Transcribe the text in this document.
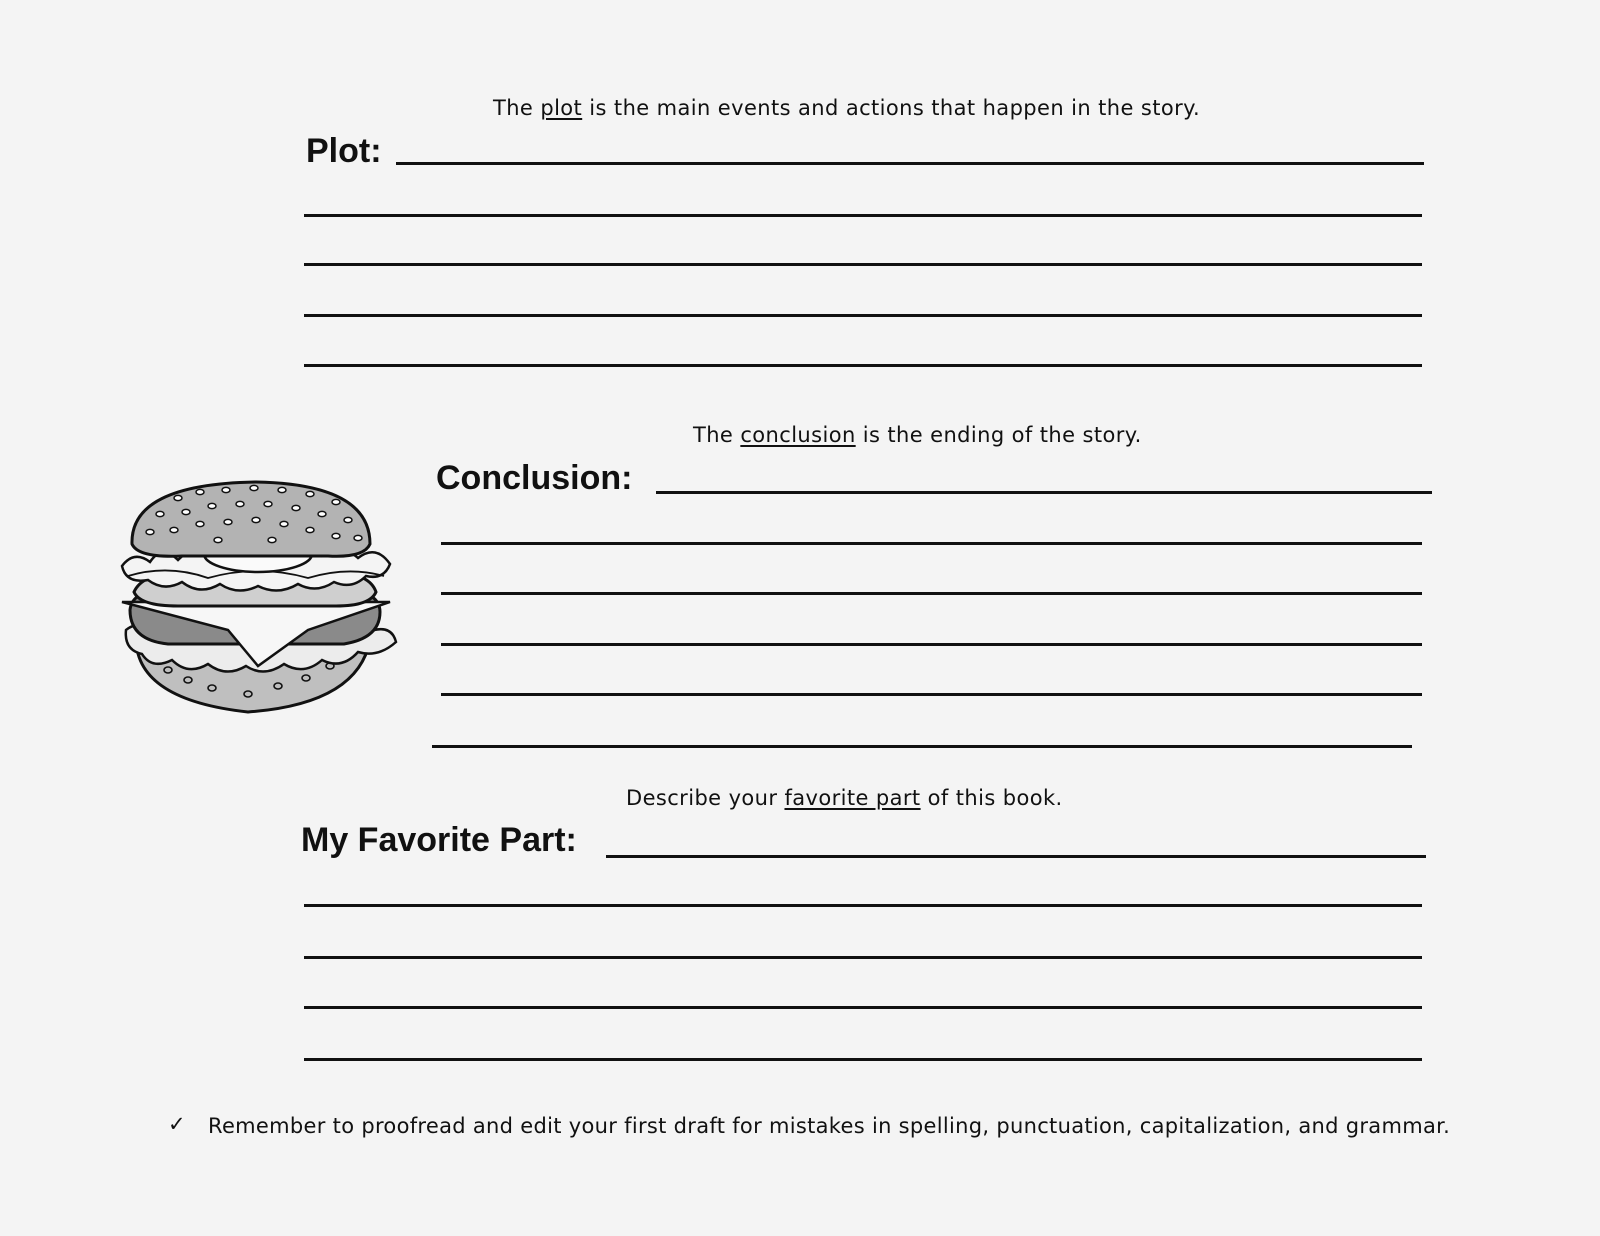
The plot is the main events and actions that happen in the story.
Plot:
The conclusion is the ending of the story.
Conclusion:
Describe your favorite part of this book.
My Favorite Part:
✓ Remember to proofread and edit your first draft for mistakes in spelling, punctuation, capitalization, and grammar.
